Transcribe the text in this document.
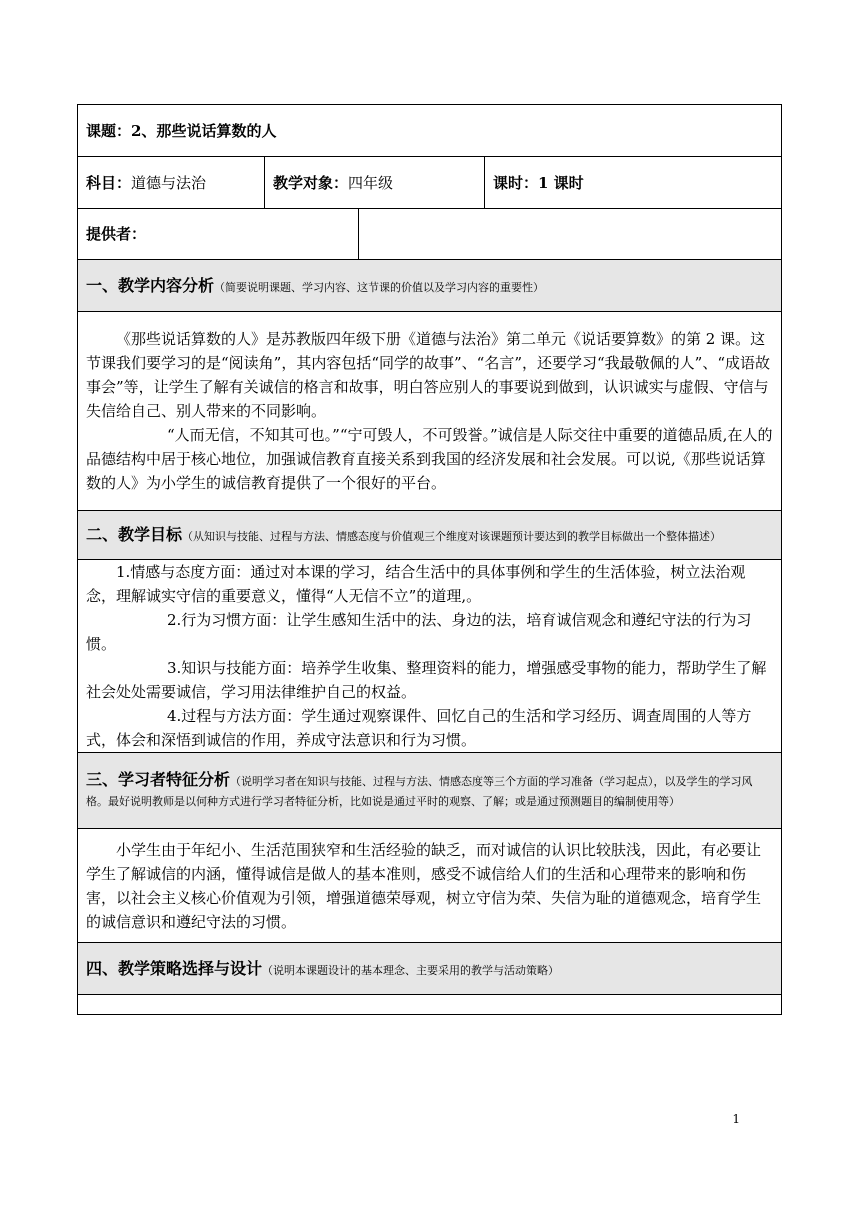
课题：2、那些说话算数的人			
科目：道德与法治	教学对象：四年级		课时：1 课时
提供者：			
一、教学内容分析（简要说明课题、学习内容、这节课的价值以及学习内容的重要性）			

《那些说话算数的人》是苏教版四年级下册《道德与法治》第二单元《说话要算数》的第 2 课。这节课我们要学习的是“阅读角”，其内容包括“同学的故事”、“名言”，还要学习“我最敬佩的人”、“成语故事会”等，让学生了解有关诚信的格言和故事，明白答应别人的事要说到做到，认识诚实与虚假、守信与失信给自己、别人带来的不同影响。

“人而无信，不知其可也。”“宁可毁人，不可毁誉。”诚信是人际交往中重要的道德品质,在人的品德结构中居于核心地位，加强诚信教育直接关系到我国的经济发展和社会发展。可以说,《那些说话算数的人》为小学生的诚信教育提供了一个很好的平台。			

二、教学目标（从知识与技能、过程与方法、情感态度与价值观三个维度对该课题预计要达到的教学目标做出一个整体描述）			

1.情感与态度方面：通过对本课的学习，结合生活中的具体事例和学生的生活体验，树立法治观念，理解诚实守信的重要意义，懂得“人无信不立”的道理,。

2.行为习惯方面：让学生感知生活中的法、身边的法，培育诚信观念和遵纪守法的行为习惯。

3.知识与技能方面：培养学生收集、整理资料的能力，增强感受事物的能力，帮助学生了解社会处处需要诚信，学习用法律维护自己的权益。

4.过程与方法方面：学生通过观察课件、回忆自己的生活和学习经历、调查周围的人等方式，体会和深悟到诚信的作用，养成守法意识和行为习惯。			

三、学习者特征分析（说明学习者在知识与技能、过程与方法、情感态度等三个方面的学习准备（学习起点），以及学生的学习风格。最好说明教师是以何种方式进行学习者特征分析，比如说是通过平时的观察、了解；或是通过预测题目的编制使用等）			

小学生由于年纪小、生活范围狭窄和生活经验的缺乏，而对诚信的认识比较肤浅，因此，有必要让学生了解诚信的内涵，懂得诚信是做人的基本准则，感受不诚信给人们的生活和心理带来的影响和伤害，以社会主义核心价值观为引领，增强道德荣辱观，树立守信为荣、失信为耻的道德观念，培育学生的诚信意识和遵纪守法的习惯。			

四、教学策略选择与设计（说明本课题设计的基本理念、主要采用的教学与活动策略）			

1
